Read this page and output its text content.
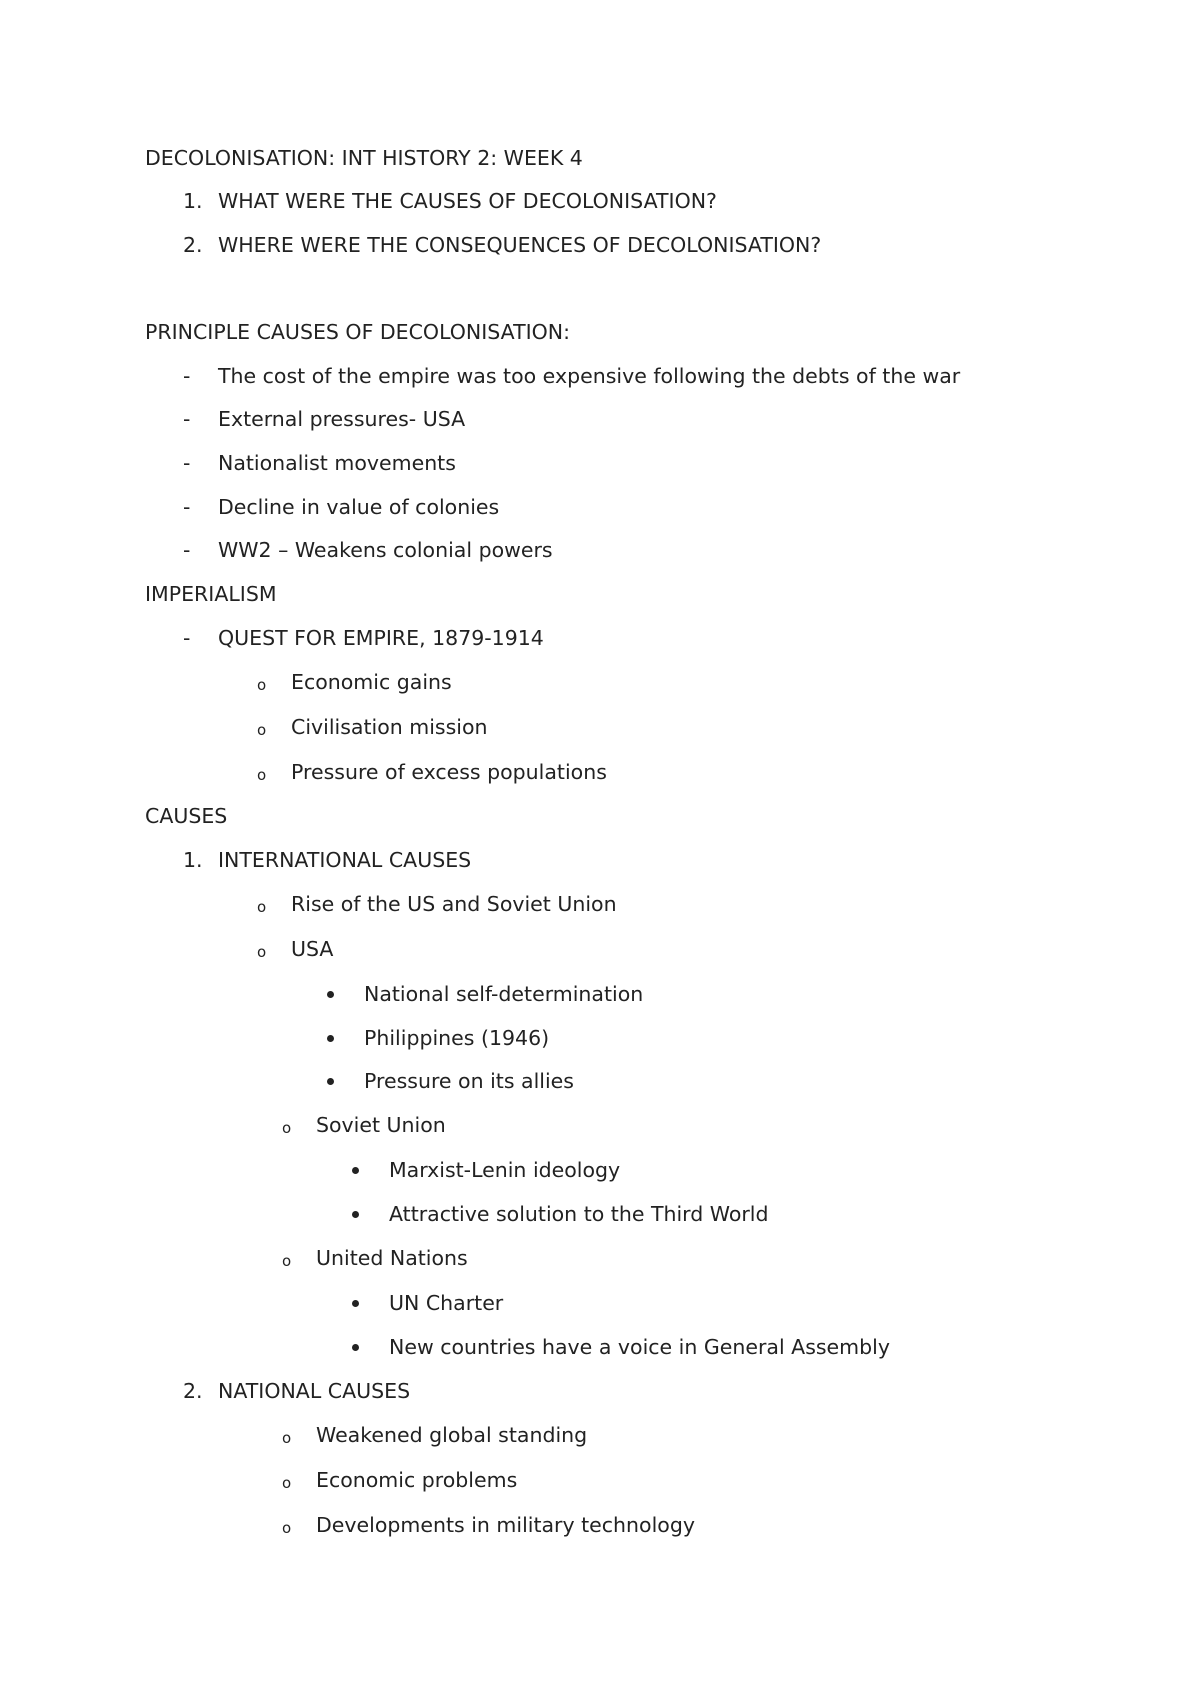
DECOLONISATION: INT HISTORY 2: WEEK 4
1. WHAT WERE THE CAUSES OF DECOLONISATION?
2. WHERE WERE THE CONSEQUENCES OF DECOLONISATION?
PRINCIPLE CAUSES OF DECOLONISATION:
- The cost of the empire was too expensive following the debts of the war
- External pressures- USA
- Nationalist movements
- Decline in value of colonies
- WW2 – Weakens colonial powers
IMPERIALISM
- QUEST FOR EMPIRE, 1879-1914
o Economic gains
o Civilisation mission
o Pressure of excess populations
CAUSES
1. INTERNATIONAL CAUSES
o Rise of the US and Soviet Union
o USA
National self-determination
Philippines (1946)
Pressure on its allies
o Soviet Union
Marxist-Lenin ideology
Attractive solution to the Third World
o United Nations
UN Charter
New countries have a voice in General Assembly
2. NATIONAL CAUSES
o Weakened global standing
o Economic problems
o Developments in military technology
